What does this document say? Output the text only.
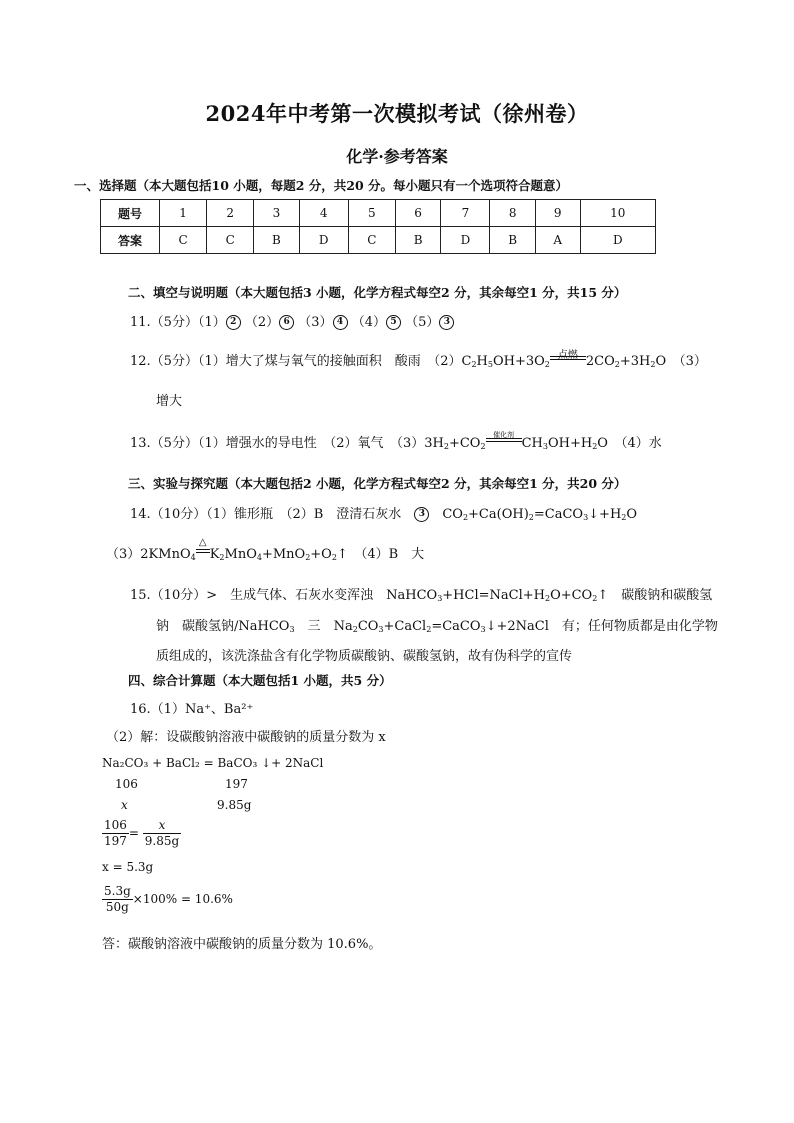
2024年中考第一次模拟考试（徐州卷）
化学·参考答案
一、选择题（本大题包括10 小题，每题2 分，共20 分。每小题只有一个选项符合题意）
题号	1	2	3	4	5	6	7	8	9	10
答案	C	C	B	D	C	B	D	B	A	D
二、填空与说明题（本大题包括3 小题，化学方程式每空2 分，其余每空1 分，共15 分）
11.（5分）（1） 2 （2） 6 （3） 4 （4） 5 （5） 3
12.（5分）（1）增大了煤与氧气的接触面积　酸雨　$(2)C_2H_5OH+3O_2$
点燃 $2CO_2+3H_2O$　（3）
增大
13.（5分）（1）增强水的导电性　（2）氧气　$(3)3H_2+CO_2$
催化剂
$CH_3OH+H_2O$　（4）水
三、实验与探究题（本大题包括2 小题，化学方程式每空2 分，其余每空1 分，共20 分）
14.（10分）（1）锥形瓶　（2）B　澄清石灰水　 3　$CO_2+Ca(OH)_2=CaCO_3↓+H_2O$
（3）2KMnO$_4$
△
$K_2MnO_4+MnO_2+O_2↑$　（4）B　大
15.（10分）>　生成气体、石灰水变浑浊　$NaHCO_3+HCl=NaCl+H_2O+CO_2↑$　碳酸钠和碳酸氢
钠　碳酸氢钠/NaHCO$_3$　 三　$Na_2CO_3+CaCl_2=CaCO_3↓+2NaCl$　有；任何物质都是由化学物
质组成的，该洗涤盐含有化学物质碳酸钠、碳酸氢钠，故有伪科学的宣传
四、综合计算题（本大题包括1 小题，共5 分）
16.（1）Na⁺、Ba²⁺
（2）解：设碳酸钠溶液中碳酸钠的质量分数为 x
Na₂CO₃ + BaCl₂ = BaCO₃ ↓+ 2NaCl
106	197
x	9.85g
$\frac{106}{197} = \frac{x}{9.85g}$
x = 5.3g
$\frac{5.3g}{50g} \times 100\% = 10.6\%$
答：碳酸钠溶液中碳酸钠的质量分数为 10.6%。
